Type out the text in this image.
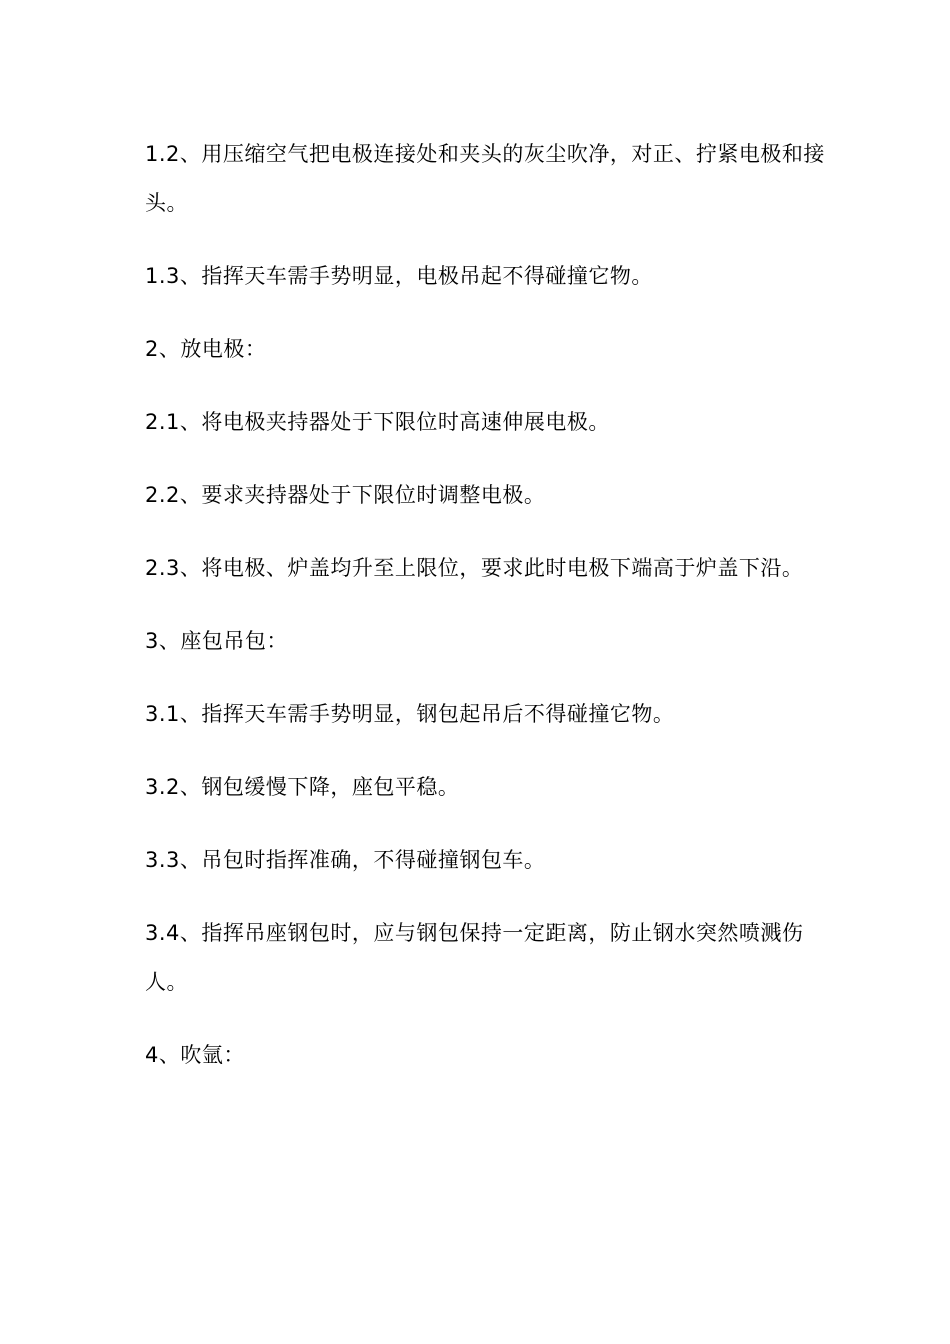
1.2、用压缩空气把电极连接处和夹头的灰尘吹净，对正、拧紧电极和接头。

1.3、指挥天车需手势明显，电极吊起不得碰撞它物。

2、放电极：

2.1、将电极夹持器处于下限位时高速伸展电极。

2.2、要求夹持器处于下限位时调整电极。

2.3、将电极、炉盖均升至上限位，要求此时电极下端高于炉盖下沿。

3、座包吊包：

3.1、指挥天车需手势明显，钢包起吊后不得碰撞它物。

3.2、钢包缓慢下降，座包平稳。

3.3、吊包时指挥准确，不得碰撞钢包车。

3.4、指挥吊座钢包时，应与钢包保持一定距离，防止钢水突然喷溅伤人。

4、吹氩：
